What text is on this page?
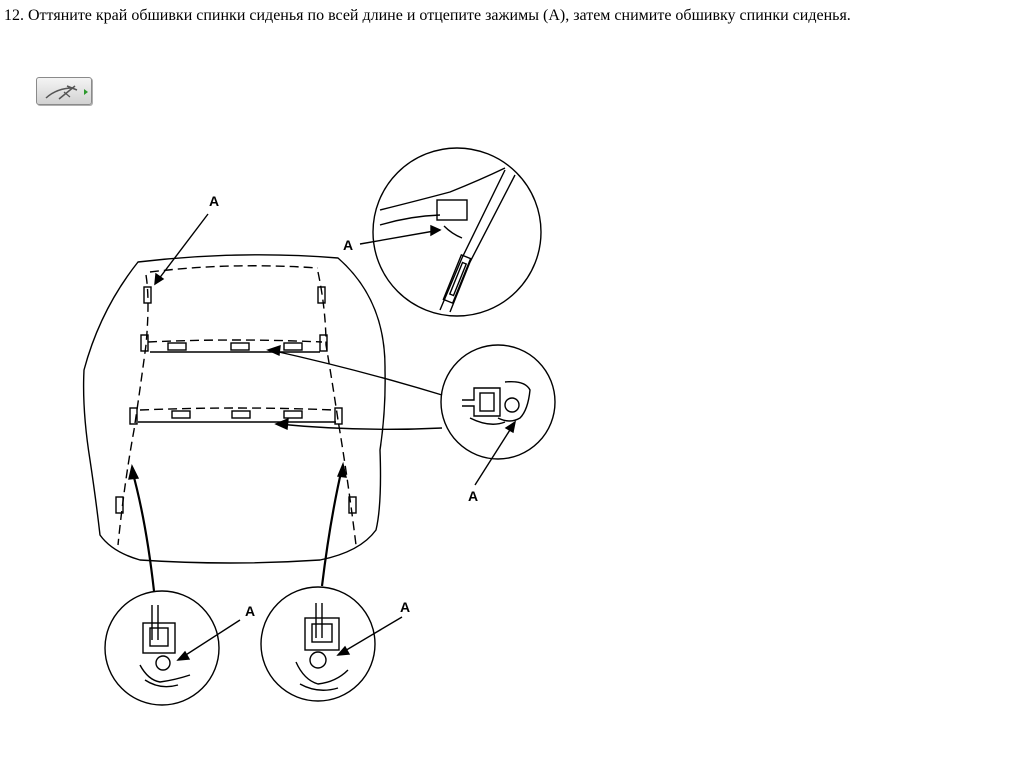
12. Оттяните край обшивки спинки сиденья по всей длине и отцепите зажимы (A), затем снимите обшивку спинки сиденья.

A
A
A
A	A
